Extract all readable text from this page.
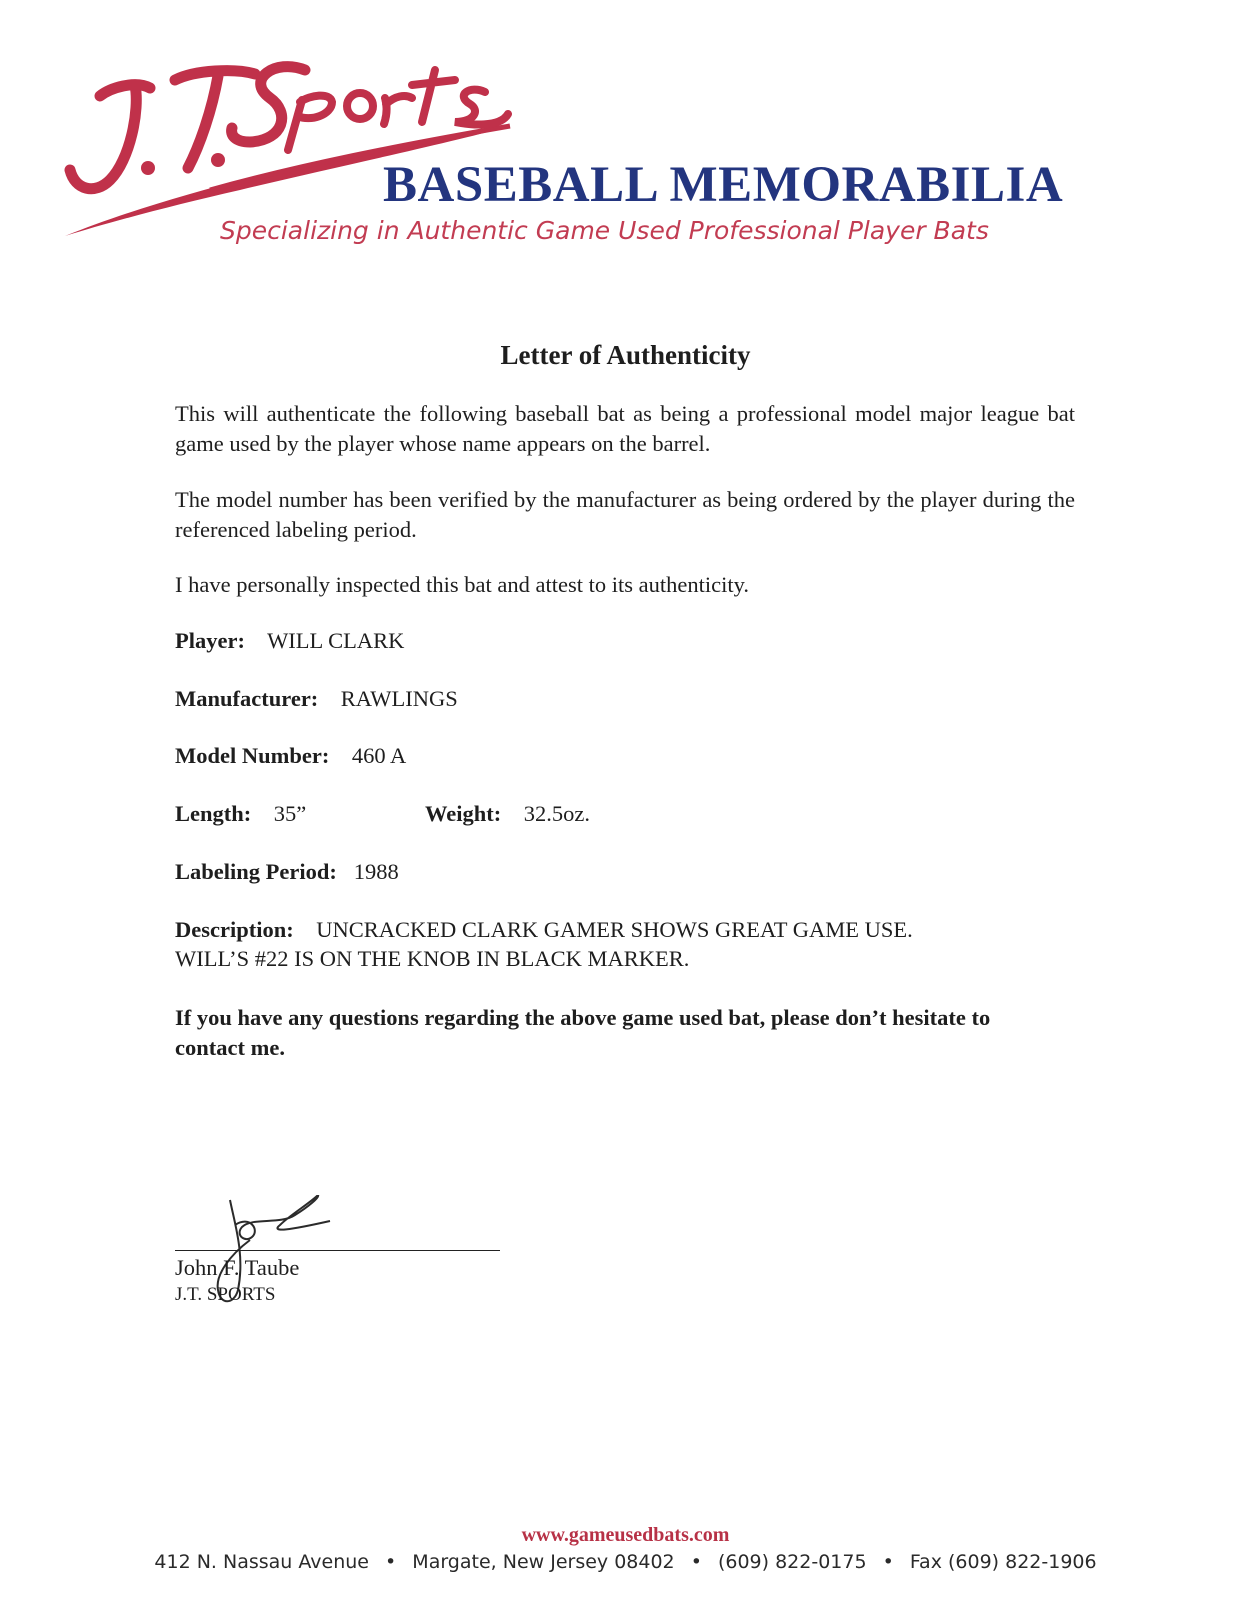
BASEBALL MEMORABILIA
Specializing in Authentic Game Used Professional Player Bats
Letter of Authenticity
This will authenticate the following baseball bat as being a professional model major league bat game used by the player whose name appears on the barrel.
The model number has been verified by the manufacturer as being ordered by the player during the referenced labeling period.
I have personally inspected this bat and attest to its authenticity.
Player: WILL CLARK
Manufacturer: RAWLINGS
Model Number: 460 A
Length: 35”	Weight: 32.5oz.
Labeling Period: 1988
Description: UNCRACKED CLARK GAMER SHOWS GREAT GAME USE.
WILL’S #22 IS ON THE KNOB IN BLACK MARKER.
If you have any questions regarding the above game used bat, please don’t hesitate to contact me.
John F. Taube
J.T. SPORTS
www.gameusedbats.com
412 N. Nassau Avenue • Margate, New Jersey 08402 • (609) 822-0175 • Fax (609) 822-1906
